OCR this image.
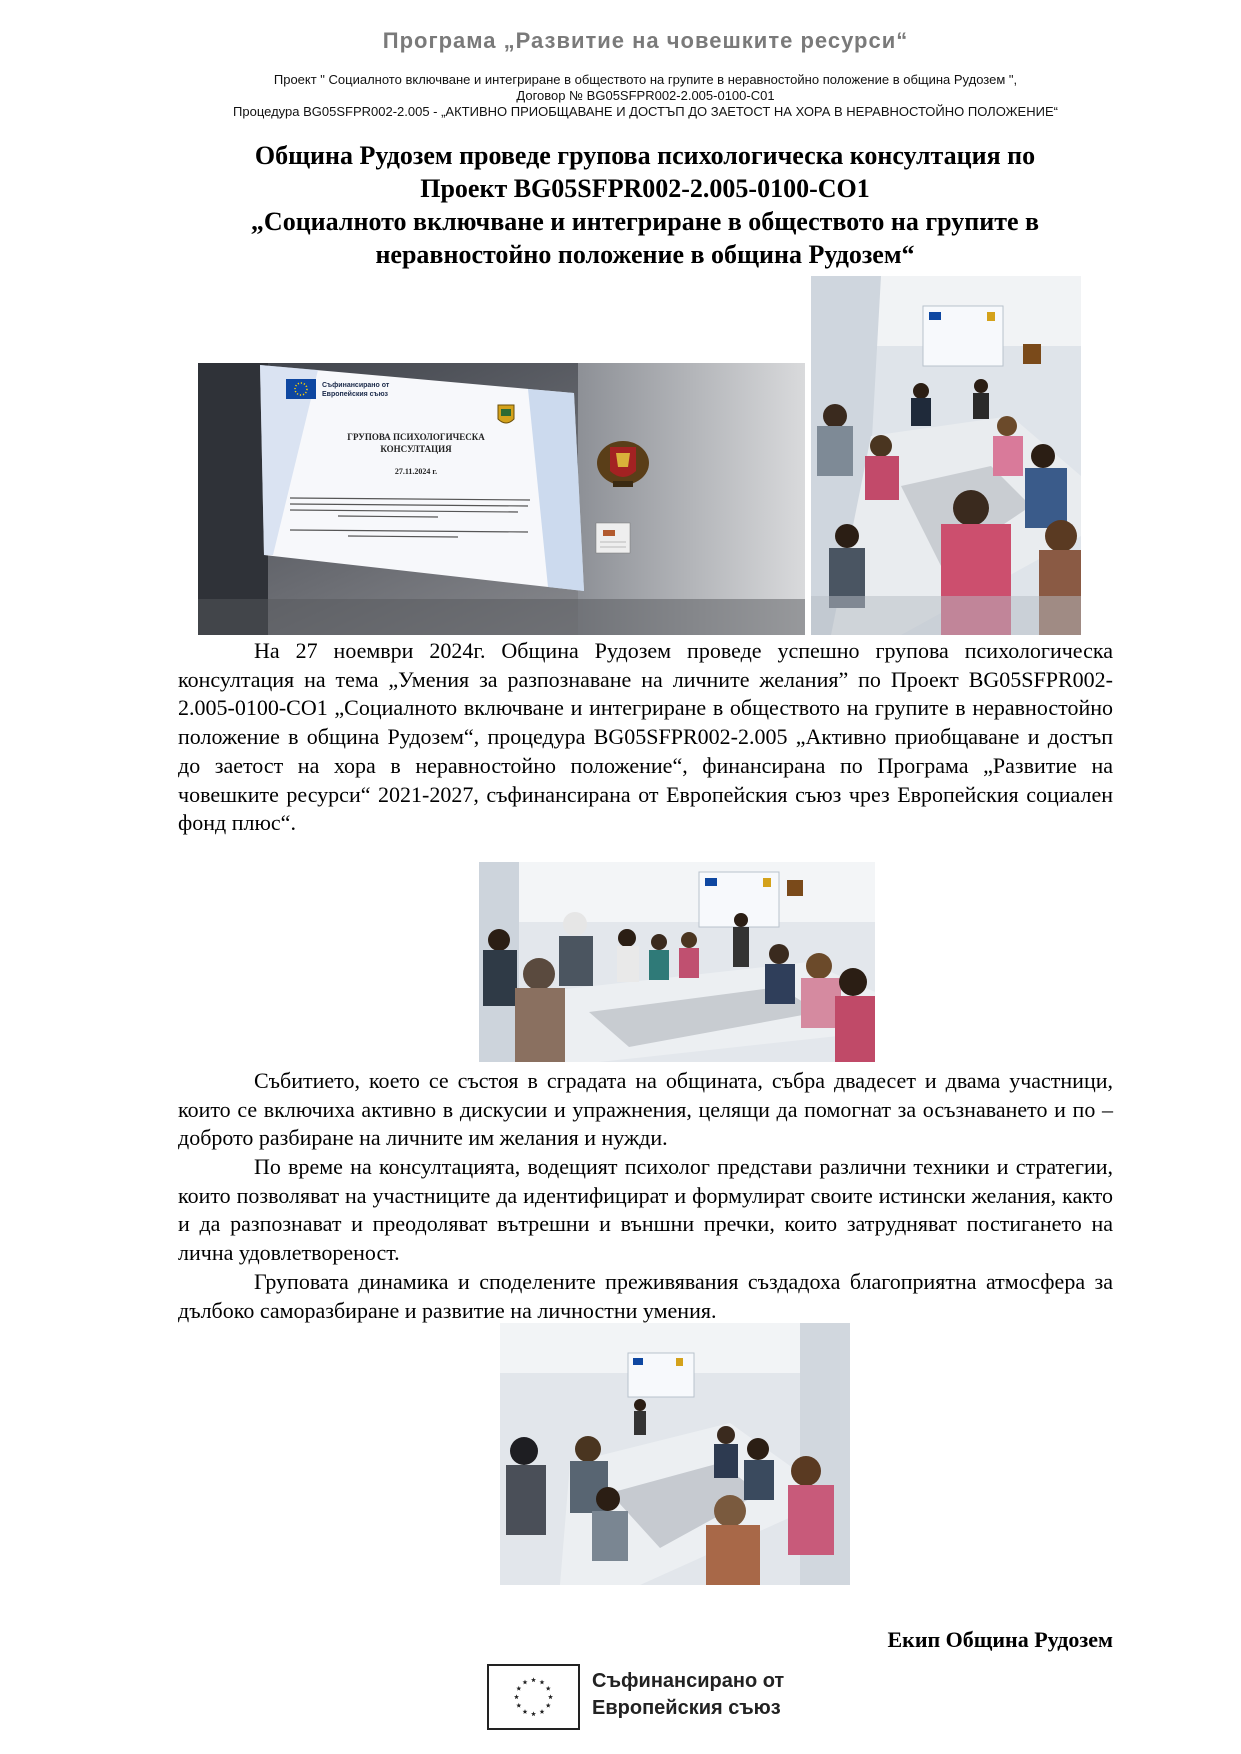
Програма „Развитие на човешките ресурси“
Проект " Социалното включване и интегриране в обществото на групите в неравностойно положение в община Рудозем ",
Договор № BG05SFPR002-2.005-0100-C01
Процедура BG05SFPR002-2.005 - „АКТИВНО ПРИОБЩАВАНЕ И ДОСТЪП ДО ЗАЕТОСТ НА ХОРА В НЕРАВНОСТОЙНО ПОЛОЖЕНИЕ“
Община Рудозем проведе групова психологическа консултация по
Проект BG05SFPR002-2.005-0100-CO1
„Социалното включване и интегриране в обществото на групите в
неравностойно положение в община Рудозем“
Съфинансирано от
Европейския съюз
ГРУПОВА ПСИХОЛОГИЧЕСКА
КОНСУЛТАЦИЯ
27.11.2024 г.
На 27 ноември 2024г. Община Рудозем проведе успешно групова психологическа консултация на тема „Умения за разпознаване на личните желания” по Проект BG05SFPR002-2.005-0100-CO1 „Социалното включване и интегриране в обществото на групите в неравностойно положение в община Рудозем“, процедура BG05SFPR002-2.005 „Активно приобщаване и достъп до заетост на хора в неравностойно положение“, финансирана по Програма „Развитие на човешките ресурси“ 2021-2027, съфинансирана от Европейския съюз чрез Европейския социален фонд плюс“.
Събитието, което се състоя в сградата на общината, събра двадесет и двама участници, които се включиха активно в дискусии и упражнения, целящи да помогнат за осъзнаването и по – доброто разбиране на личните им желания и нужди.
По време на консултацията, водещият психолог представи различни техники и стратегии, които позволяват на участниците да идентифицират и формулират своите истински желания, както и да разпознават и преодоляват вътрешни и външни пречки, които затрудняват постигането на лична удовлетвореност.
Груповата динамика и споделените преживявания създадоха благоприятна атмосфера за дълбоко саморазбиране и развитие на личностни умения.
Екип Община Рудозем
Съфинансирано от
Европейския съюз
